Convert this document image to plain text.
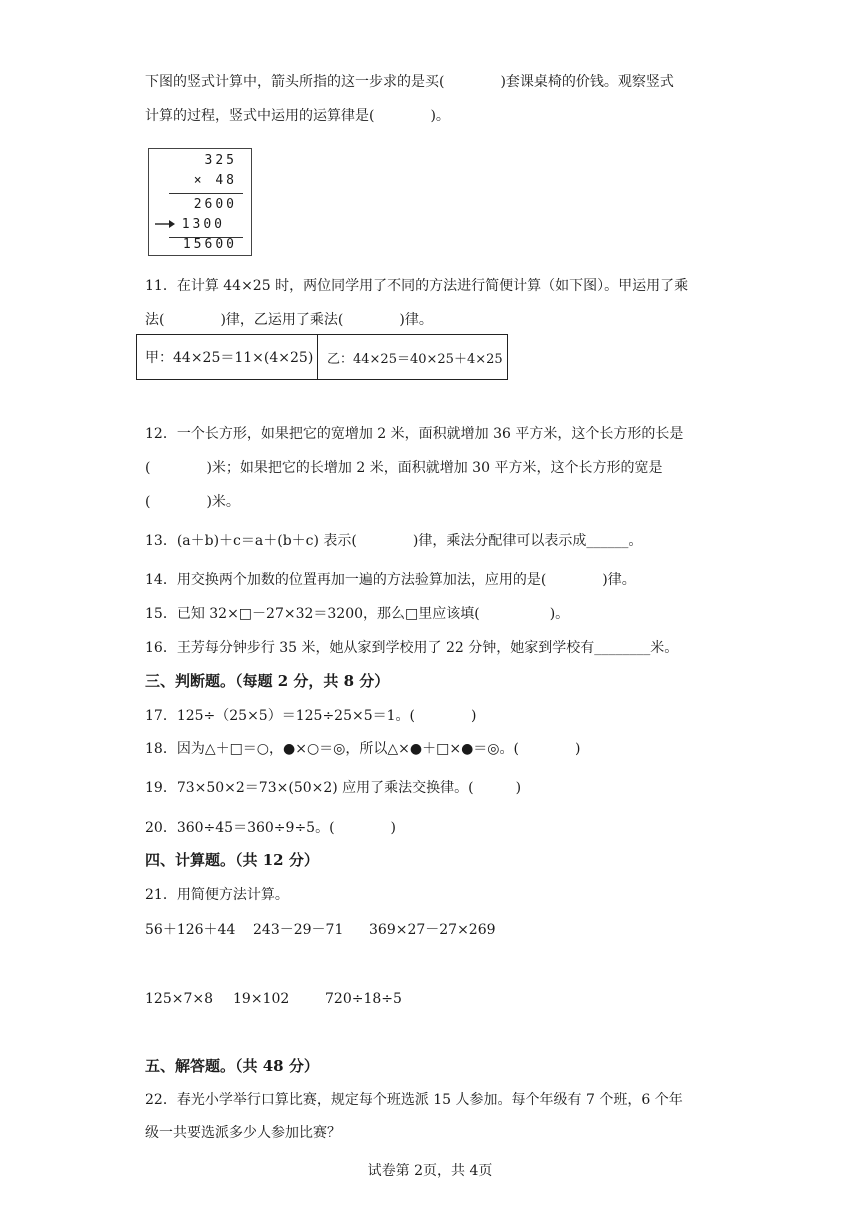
下图的竖式计算中，箭头所指的这一步求的是买(　　　　)套课桌椅的价钱。观察竖式
计算的过程，竖式中运用的运算律是(　　　　)。
325
× 48
2600
1300
15600
11．在计算 44×25 时，两位同学用了不同的方法进行简便计算（如下图）。甲运用了乘
法(　　　　)律，乙运用了乘法(　　　　)律。
甲：44×25＝11×(4×25) 乙：44×25＝40×25＋4×25
12．一个长方形，如果把它的宽增加 2 米，面积就增加 36 平方米，这个长方形的长是
(　　　　)米；如果把它的长增加 2 米，面积就增加 30 平方米，这个长方形的宽是
(　　　　)米。
13．(a＋b)＋c＝a＋(b＋c) 表示(　　　　)律，乘法分配律可以表示成______。
14．用交换两个加数的位置再加一遍的方法验算加法，应用的是(　　　　)律。
15．已知 32×□－27×32＝3200，那么□里应该填(　　　　　)。
16．王芳每分钟步行 35 米，她从家到学校用了 22 分钟，她家到学校有________米。
三、判断题。（每题 2 分，共 8 分）
17．125÷（25×5）＝125÷25×5＝1。(　　　　)
18．因为△＋□＝○，●×○＝◎，所以△×●＋□×●＝◎。(　　　　)
19．73×50×2＝73×(50×2) 应用了乘法交换律。(　　　)
20．360÷45＝360÷9÷5。(　　　　)
四、计算题。（共 12 分）
21．用简便方法计算。
56＋126＋44 243－29－71 369×27－27×269
125×7×8 19×102	720÷18÷5
五、解答题。（共 48 分）
22．春光小学举行口算比赛，规定每个班选派 15 人参加。每个年级有 7 个班，6 个年
级一共要选派多少人参加比赛？
试卷第 2页，共 4页
